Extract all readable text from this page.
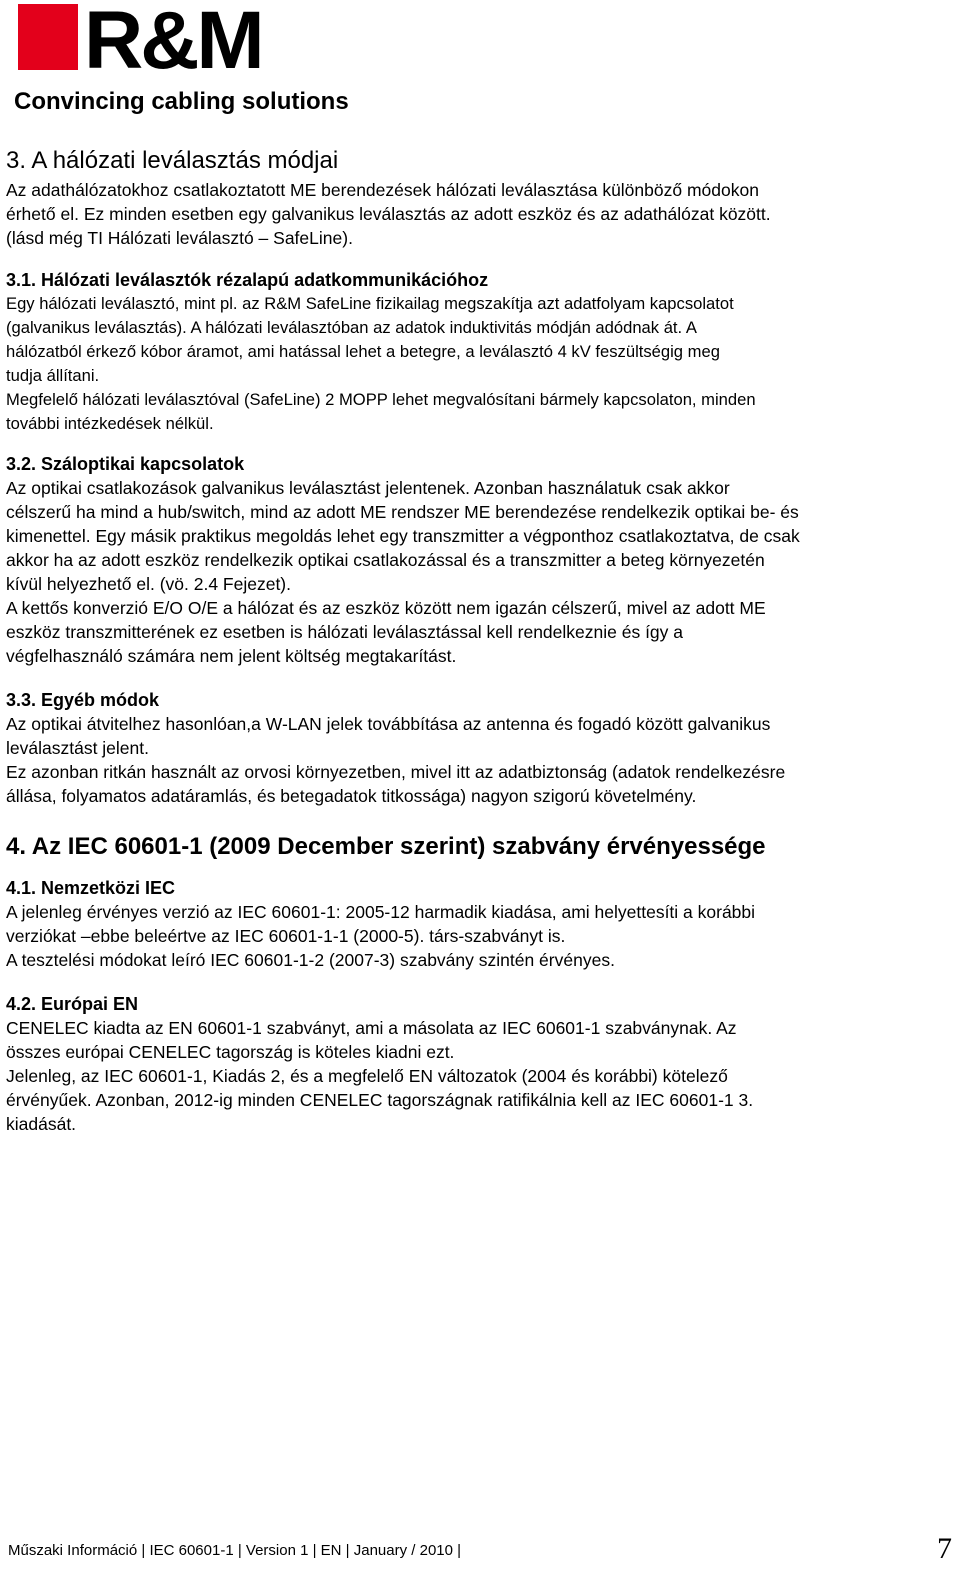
R&M
Convincing cabling solutions
3. A hálózati leválasztás módjai

Az adathálózatokhoz csatlakoztatott ME berendezések hálózati leválasztása különböző módokon

érhető el. Ez minden esetben egy galvanikus leválasztás az adott eszköz és az adathálózat között.

(lásd még TI Hálózati leválasztó – SafeLine).

3.1. Hálózati leválasztók rézalapú adatkommunikációhoz

Egy hálózati leválasztó, mint pl. az R&M SafeLine fizikailag megszakítja azt adatfolyam kapcsolatot

(galvanikus leválasztás). A hálózati leválasztóban az adatok induktivitás módján adódnak át. A

hálózatból érkező kóbor áramot, ami hatással lehet a betegre, a leválasztó 4 kV feszültségig meg

tudja állítani.

Megfelelő hálózati leválasztóval (SafeLine) 2 MOPP lehet megvalósítani bármely kapcsolaton, minden

további intézkedések nélkül.

3.2. Száloptikai kapcsolatok

Az optikai csatlakozások galvanikus leválasztást jelentenek. Azonban használatuk csak akkor

célszerű ha mind a hub/switch, mind az adott ME rendszer ME berendezése rendelkezik optikai be- és

kimenettel. Egy másik praktikus megoldás lehet egy transzmitter a végponthoz csatlakoztatva, de csak

akkor ha az adott eszköz rendelkezik optikai csatlakozással és a transzmitter a beteg környezetén

kívül helyezhető el. (vö. 2.4 Fejezet).

A kettős konverzió E/O O/E a hálózat és az eszköz között nem igazán célszerű, mivel az adott ME

eszköz transzmitterének ez esetben is hálózati leválasztással kell rendelkeznie és így a

végfelhasználó számára nem jelent költség megtakarítást.

3.3. Egyéb módok

Az optikai átvitelhez hasonlóan,a W-LAN jelek továbbítása az antenna és fogadó között galvanikus

leválasztást jelent.

Ez azonban ritkán használt az orvosi környezetben, mivel itt az adatbiztonság (adatok rendelkezésre

állása, folyamatos adatáramlás, és betegadatok titkossága) nagyon szigorú követelmény.

4. Az IEC 60601-1 (2009 December szerint) szabvány érvényessége
4.1. Nemzetközi IEC

A jelenleg érvényes verzió az IEC 60601-1: 2005-12 harmadik kiadása, ami helyettesíti a korábbi

verziókat –ebbe beleértve az IEC 60601-1-1 (2000-5). társ-szabványt is.

A tesztelési módokat leíró IEC 60601-1-2 (2007-3) szabvány szintén érvényes.

4.2. Európai EN

CENELEC kiadta az EN 60601-1 szabványt, ami a másolata az IEC 60601-1 szabványnak. Az

összes európai CENELEC tagország is köteles kiadni ezt.

Jelenleg, az IEC 60601-1, Kiadás 2, és a megfelelő EN változatok (2004 és korábbi) kötelező

érvényűek. Azonban, 2012-ig minden CENELEC tagországnak ratifikálnia kell az IEC 60601-1 3.

kiadását.

Műszaki Információ | IEC 60601-1 | Version 1 | EN | January / 2010 |	7
